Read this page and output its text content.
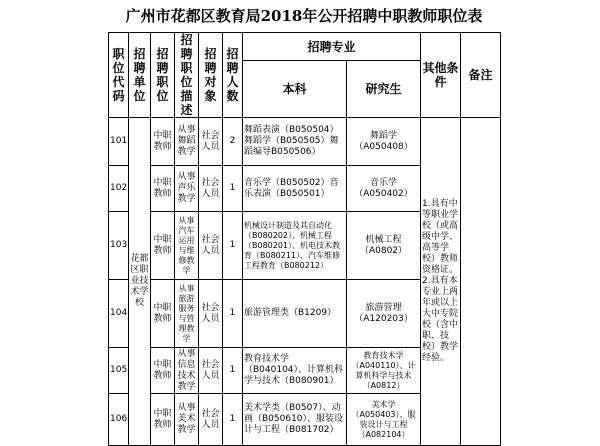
广州市花都区教育局2018年公开招聘中职教师职位表
职位代码	招聘单位	招聘职位	招聘职位描述	招聘对象	招聘人数	招聘专业		其他条件	备注
						本科	研究生		
101	花都区职业技术学校	中职教师	从事舞蹈教学	社会人员	2	舞蹈表演（B050504）舞蹈学（B050505）舞蹈编导B050506）	舞蹈学（A050408）	1.具有中等职业学校（或高级中学、高等学校）教师资格证。2.具有本专业上两年或以上大中专院校（含中职、技校）教学经验。	
102		中职教师	从事声乐教学	社会人员	1	音乐学（B050502）音乐表演（B050501）	音乐学（A050402）		
103		中职教师	从事汽车运用与维修教学	社会人员	1	机械设计制造及其自动化（B080202）、机械工程（B080201）、机电技术教育（B080211）、汽车维修工程教育（B080212）	机械工程（A0802）		
104		中职教师	从事旅游服务与管理教学	社会人员	1	旅游管理类（B1209）	旅游管理（A120203）		
105		中职教师	从事信息技术教学	社会人员	1	教育技术学（B040104）、计算机科学与技术（B080901）	教育技术学（A040110）、计算机科学与技术（A0812）		
106		中职教师	从事美术教学	社会人员	1	美术学类（B0507）、动画（B050610）、服装设计与工程（B081702）	美术学（A050403）、服装设计与工程（A082104）		
